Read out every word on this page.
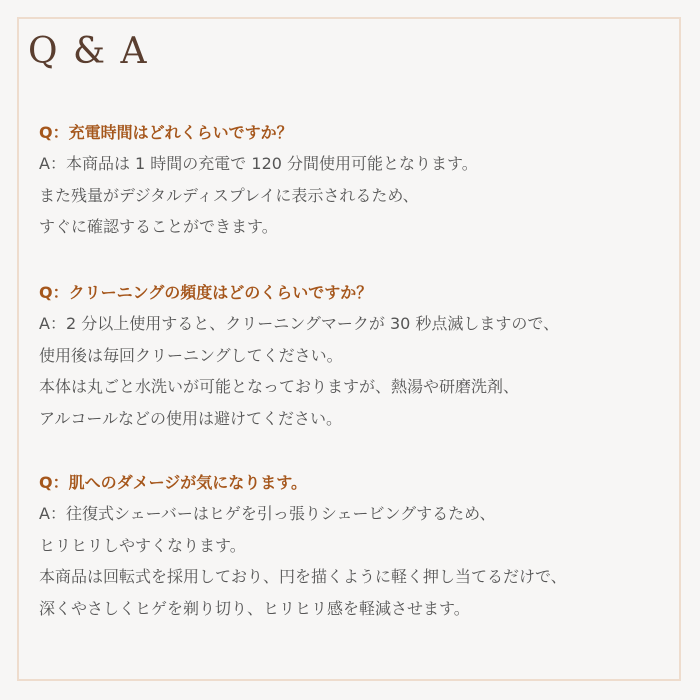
Q & A

Q：充電時間はどれくらいですか？

A：本商品は 1 時間の充電で 120 分間使用可能となります。

また残量がデジタルディスプレイに表示されるため、

すぐに確認することができます。

Q：クリーニングの頻度はどのくらいですか？

A：2 分以上使用すると、クリーニングマークが 30 秒点滅しますので、

使用後は毎回クリーニングしてください。

本体は丸ごと水洗いが可能となっておりますが、熱湯や研磨洗剤、

アルコールなどの使用は避けてください。

Q：肌へのダメージが気になります。

A：往復式シェーバーはヒゲを引っ張りシェービングするため、

ヒリヒリしやすくなります。

本商品は回転式を採用しており、円を描くように軽く押し当てるだけで、

深くやさしくヒゲを剃り切り、ヒリヒリ感を軽減させます。
